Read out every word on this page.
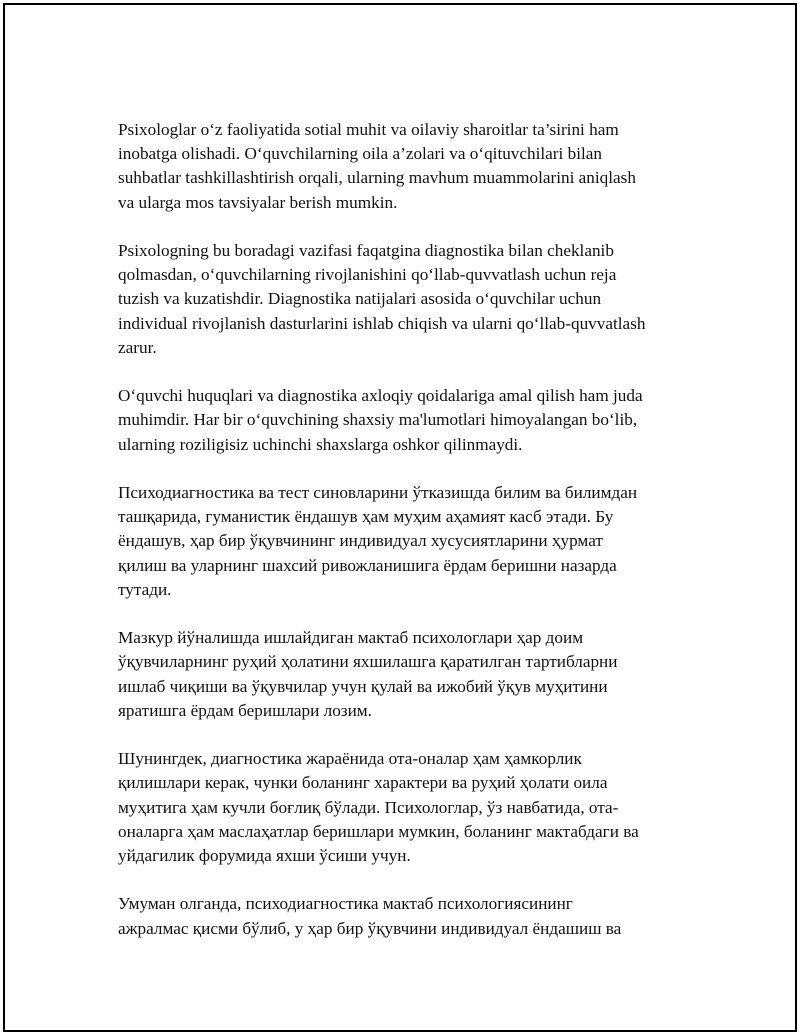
Psixologlar o‘z faoliyatida sotial muhit va oilaviy sharoitlar ta’sirini ham
inobatga olishadi. O‘quvchilarning oila a’zolari va o‘qituvchilari bilan
suhbatlar tashkillashtirish orqali, ularning mavhum muammolarini aniqlash
va ularga mos tavsiyalar berish mumkin.

Psixologning bu boradagi vazifasi faqatgina diagnostika bilan cheklanib
qolmasdan, o‘quvchilarning rivojlanishini qo‘llab-quvvatlash uchun reja
tuzish va kuzatishdir. Diagnostika natijalari asosida o‘quvchilar uchun
individual rivojlanish dasturlarini ishlab chiqish va ularni qo‘llab-quvvatlash
zarur.

O‘quvchi huquqlari va diagnostika axloqiy qoidalariga amal qilish ham juda
muhimdir. Har bir o‘quvchining shaxsiy ma'lumotlari himoyalangan bo‘lib,
ularning roziligisiz uchinchi shaxslarga oshkor qilinmaydi.

Психодиагностика ва тест синовларини ўтказишда билим ва билимдан
ташқарида, гуманистик ёндашув ҳам муҳим аҳамият касб этади. Бу
ёндашув, ҳар бир ўқувчининг индивидуал хусусиятларини ҳурмат
қилиш ва уларнинг шахсий ривожланишига ёрдам беришни назарда
тутади.

Мазкур йўналишда ишлайдиган мактаб психологлари ҳар доим
ўқувчиларнинг руҳий ҳолатини яхшилашга қаратилган тартибларни
ишлаб чиқиши ва ўқувчилар учун қулай ва ижобий ўқув муҳитини
яратишга ёрдам беришлари лозим.

Шунингдек, диагностика жараёнида ота-оналар ҳам ҳамкорлик
қилишлари керак, чунки боланинг характери ва руҳий ҳолати оила
муҳитига ҳам кучли боғлиқ бўлади. Психологлар, ўз навбатида, ота-
оналарга ҳам маслаҳатлар беришлари мумкин, боланинг мактабдаги ва
уйдагилик форумида яхши ўсиши учун.

Умуман олганда, психодиагностика мактаб психологиясининг
ажралмас қисми бўлиб, у ҳар бир ўқувчини индивидуал ёндашиш ва
